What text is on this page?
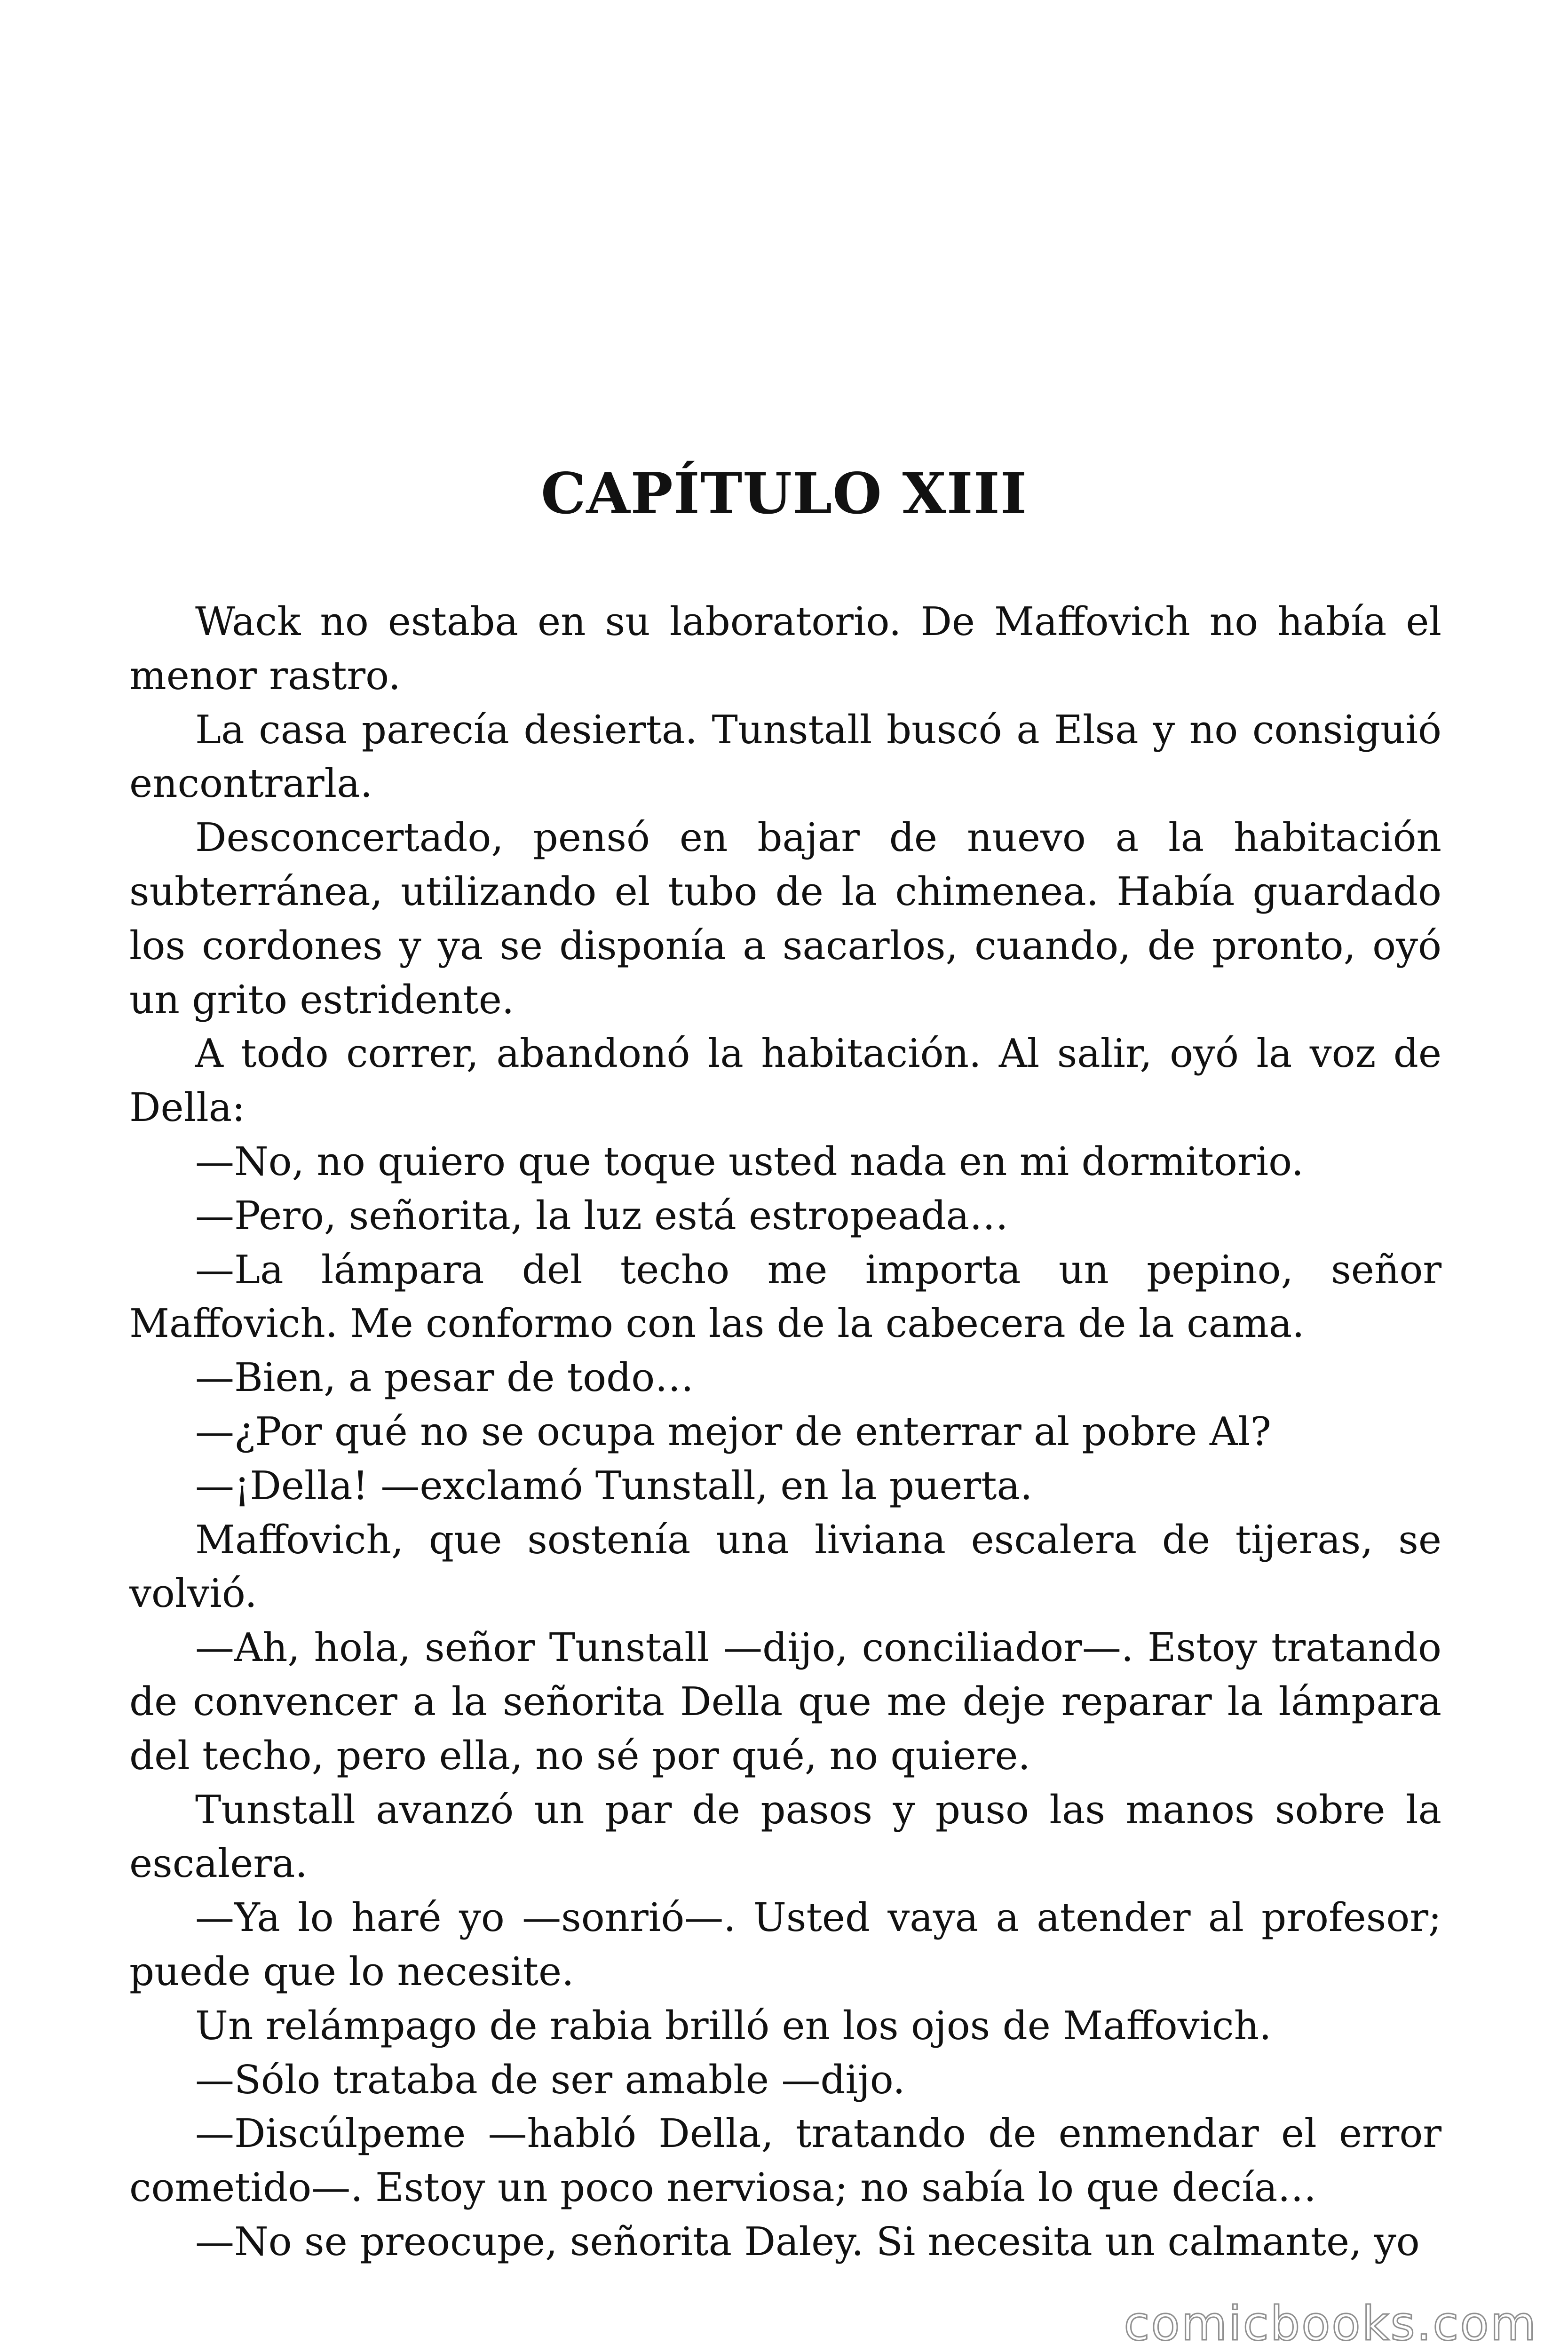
CAPÍTULO XIII

Wack no estaba en su laboratorio. De Maffovich no había el menor rastro.

La casa parecía desierta. Tunstall buscó a Elsa y no consiguió encontrarla.

Desconcertado, pensó en bajar de nuevo a la habitación subterránea, utilizando el tubo de la chimenea. Había guardado los cordones y ya se disponía a sacarlos, cuando, de pronto, oyó un grito estridente.

A todo correr, abandonó la habitación. Al salir, oyó la voz de Della:

—No, no quiero que toque usted nada en mi dormitorio.

—Pero, señorita, la luz está estropeada…

—La lámpara del techo me importa un pepino, señor Maffovich. Me conformo con las de la cabecera de la cama.

—Bien, a pesar de todo…

—¿Por qué no se ocupa mejor de enterrar al pobre Al?

—¡Della! —exclamó Tunstall, en la puerta.

Maffovich, que sostenía una liviana escalera de tijeras, se volvió.

—Ah, hola, señor Tunstall —dijo, conciliador—. Estoy tratando de convencer a la señorita Della que me deje reparar la lámpara del techo, pero ella, no sé por qué, no quiere.

Tunstall avanzó un par de pasos y puso las manos sobre la escalera.

—Ya lo haré yo —sonrió—. Usted vaya a atender al profesor; puede que lo necesite.

Un relámpago de rabia brilló en los ojos de Maffovich.

—Sólo trataba de ser amable —dijo.

—Discúlpeme —habló Della, tratando de enmendar el error cometido—. Estoy un poco nerviosa; no sabía lo que decía…

—No se preocupe, señorita Daley. Si necesita un calmante, yo

comicbooks.com
